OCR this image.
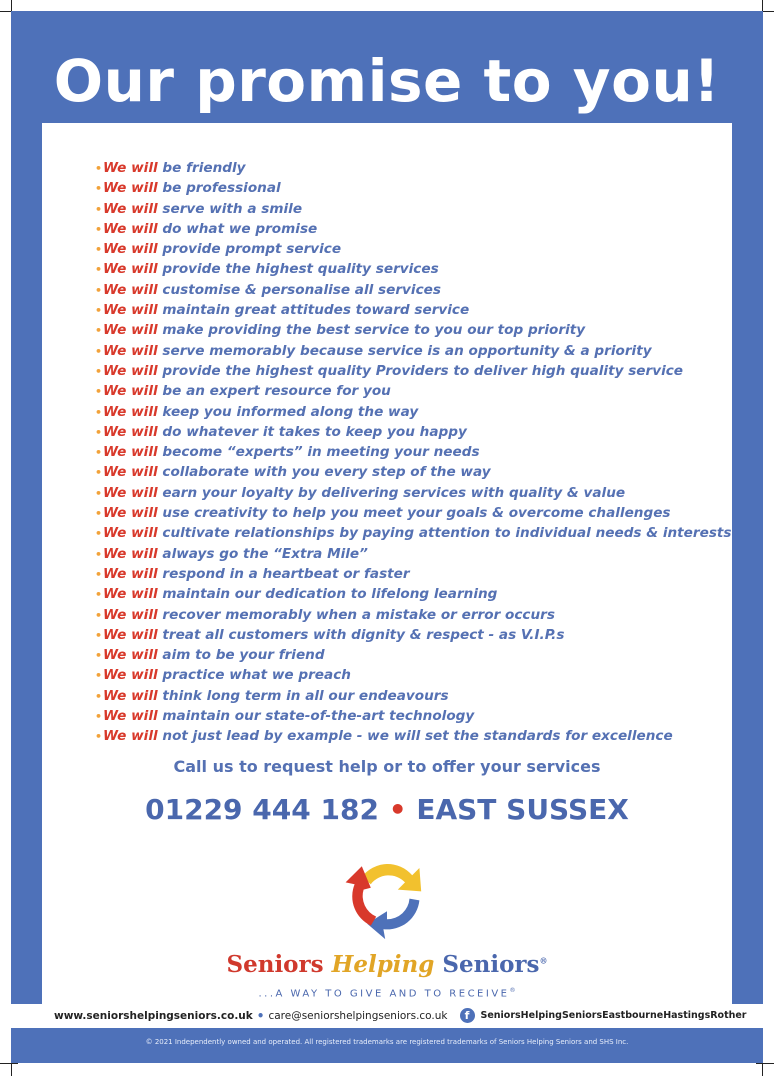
Our promise to you!
•We will be friendly
•We will be professional
•We will serve with a smile
•We will do what we promise
•We will provide prompt service
•We will provide the highest quality services
•We will customise & personalise all services
•We will maintain great attitudes toward service
•We will make providing the best service to you our top priority
•We will serve memorably because service is an opportunity & a priority
•We will provide the highest quality Providers to deliver high quality service
•We will be an expert resource for you
•We will keep you informed along the way
•We will do whatever it takes to keep you happy
•We will become “experts” in meeting your needs
•We will collaborate with you every step of the way
•We will earn your loyalty by delivering services with quality & value
•We will use creativity to help you meet your goals & overcome challenges
•We will cultivate relationships by paying attention to individual needs & interests
•We will always go the “Extra Mile”
•We will respond in a heartbeat or faster
•We will maintain our dedication to lifelong learning
•We will recover memorably when a mistake or error occurs
•We will treat all customers with dignity & respect - as V.I.P.s
•We will aim to be your friend
•We will practice what we preach
•We will think long term in all our endeavours
•We will maintain our state-of-the-art technology
•We will not just lead by example - we will set the standards for excellence
Call us to request help or to offer your services
01229 444 182 • EAST SUSSEX
Seniors Helping Seniors®
...A WAY TO GIVE AND TO RECEIVE®
www.seniorshelpingseniors.co.uk • care@seniorshelpingseniors.co.uk	f	SeniorsHelpingSeniorsEastbourneHastingsRother
© 2021 Independently owned and operated. All registered trademarks are registered trademarks of Seniors Helping Seniors and SHS Inc.
